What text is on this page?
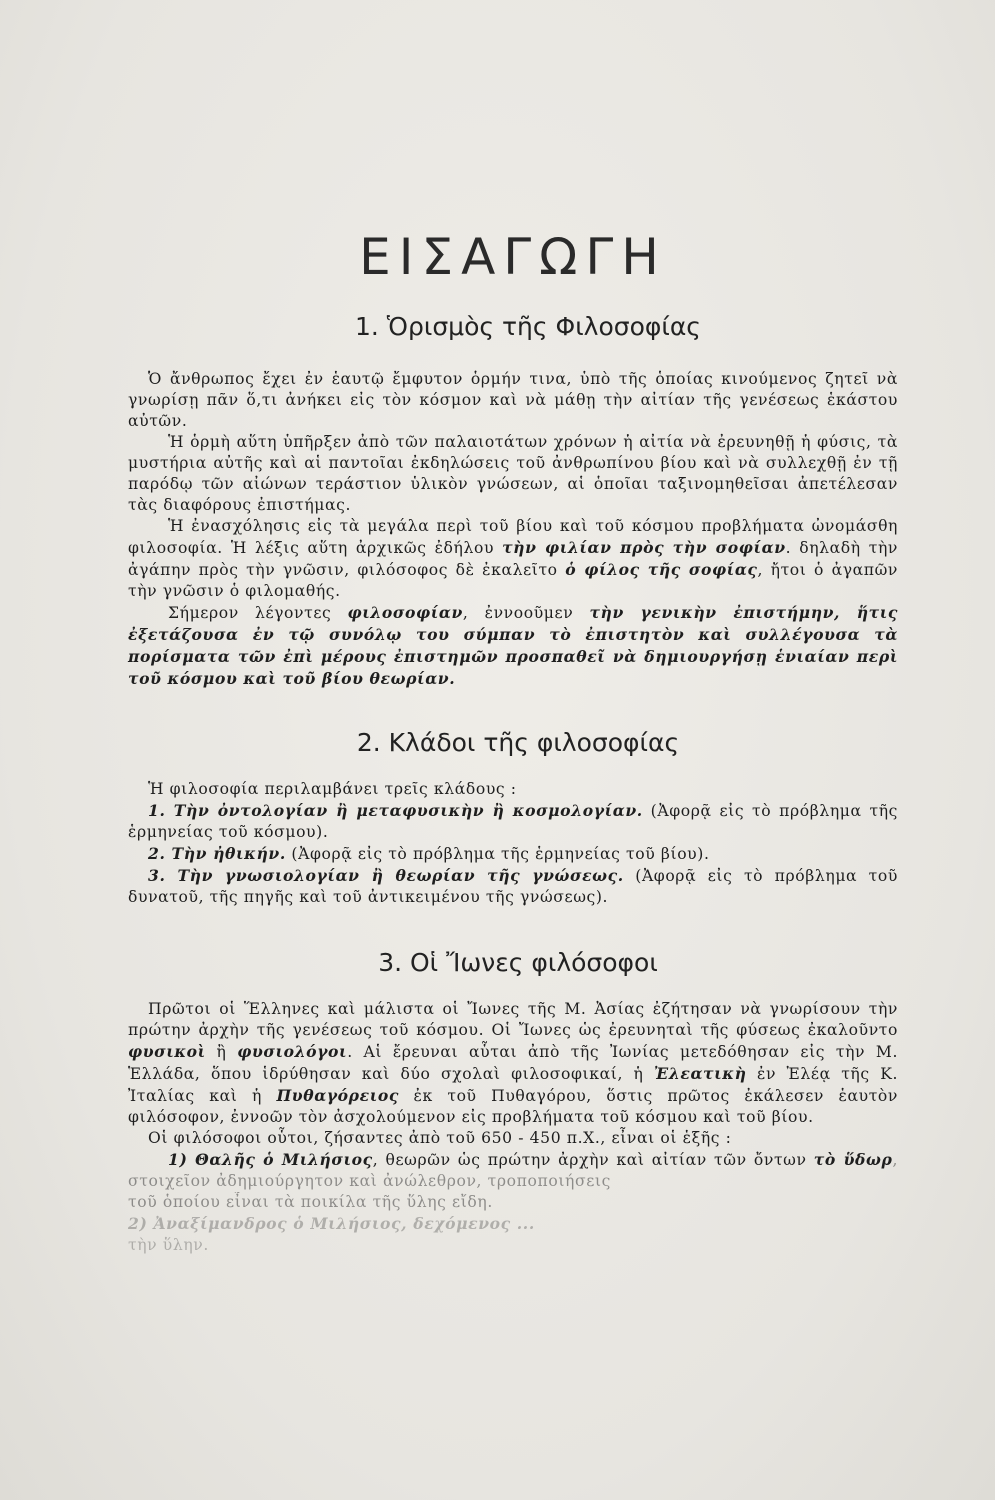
ΕΙΣΑΓΩΓΗ
1. Ὁρισμὸς τῆς Φιλοσοφίας

Ὁ ἄνθρωπος ἔχει ἐν ἑαυτῷ ἔμφυτον ὁρμήν τινα, ὑπὸ τῆς ὁποίας κινούμενος ζητεῖ νὰ γνωρίσῃ πᾶν ὅ,τι ἀνήκει εἰς τὸν κόσμον καὶ νὰ μάθῃ τὴν αἰτίαν τῆς γενέσεως ἑκάστου αὐτῶν.

Ἡ ὁρμὴ αὕτη ὑπῆρξεν ἀπὸ τῶν παλαιοτάτων χρόνων ἡ αἰτία νὰ ἐρευνηθῇ ἡ φύσις, τὰ μυστήρια αὐτῆς καὶ αἱ παντοῖαι ἐκδηλώσεις τοῦ ἀνθρωπίνου βίου καὶ νὰ συλλεχθῇ ἐν τῇ παρόδῳ τῶν αἰώνων τεράστιον ὑλικὸν γνώσεων, αἱ ὁποῖαι ταξινομηθεῖσαι ἀπετέλεσαν τὰς διαφόρους ἐπιστήμας.

Ἡ ἐνασχόλησις εἰς τὰ μεγάλα περὶ τοῦ βίου καὶ τοῦ κόσμου προβλήματα ὠνομάσθη φιλοσοφία. Ἡ λέξις αὕτη ἀρχικῶς ἐδήλου τὴν φιλίαν πρὸς τὴν σοφίαν. δηλαδὴ τὴν ἀγάπην πρὸς τὴν γνῶσιν, φιλόσοφος δὲ ἐκαλεῖτο ὁ φίλος τῆς σοφίας, ἤτοι ὁ ἀγαπῶν τὴν γνῶσιν ὁ φιλομαθής.

Σήμερον λέγοντες φιλοσοφίαν, ἐννοοῦμεν τὴν γενικὴν ἐπιστήμην, ἥτις ἐξετάζουσα ἐν τῷ συνόλῳ του σύμπαν τὸ ἐπιστητὸν καὶ συλλέγουσα τὰ πορίσματα τῶν ἐπὶ μέρους ἐπιστημῶν προσπαθεῖ νὰ δημιουργήσῃ ἑνιαίαν περὶ τοῦ κόσμου καὶ τοῦ βίου θεωρίαν.

2. Κλάδοι τῆς φιλοσοφίας

Ἡ φιλοσοφία περιλαμβάνει τρεῖς κλάδους :

1. Τὴν ὀντολογίαν ἢ μεταφυσικὴν ἢ κοσμολογίαν. (Ἀφορᾷ εἰς τὸ πρόβλημα τῆς ἑρμηνείας τοῦ κόσμου).

2. Τὴν ἠθικήν. (Ἀφορᾷ εἰς τὸ πρόβλημα τῆς ἑρμηνείας τοῦ βίου).

3. Τὴν γνωσιολογίαν ἢ θεωρίαν τῆς γνώσεως. (Ἀφορᾷ εἰς τὸ πρόβλημα τοῦ δυνατοῦ, τῆς πηγῆς καὶ τοῦ ἀντικειμένου τῆς γνώσεως).

3. Οἱ Ἴωνες φιλόσοφοι

Πρῶτοι οἱ Ἕλληνες καὶ μάλιστα οἱ Ἴωνες τῆς Μ. Ἀσίας ἐζήτησαν νὰ γνωρίσουν τὴν πρώτην ἀρχὴν τῆς γενέσεως τοῦ κόσμου. Οἱ Ἴωνες ὡς ἐρευνηταὶ τῆς φύσεως ἐκαλοῦντο φυσικοὶ ἢ φυσιολόγοι. Αἱ ἔρευναι αὗται ἀπὸ τῆς Ἰωνίας μετεδόθησαν εἰς τὴν Μ. Ἑλλάδα, ὅπου ἱδρύθησαν καὶ δύο σχολαὶ φιλοσοφικαί, ἡ Ἐλεατικὴ ἐν Ἐλέᾳ τῆς Κ. Ἰταλίας καὶ ἡ Πυθαγόρειος ἐκ τοῦ Πυθαγόρου, ὅστις πρῶτος ἐκάλεσεν ἑαυτὸν φιλόσοφον, ἐννοῶν τὸν ἀσχολούμενον εἰς προβλήματα τοῦ κόσμου καὶ τοῦ βίου.

Οἱ φιλόσοφοι οὗτοι, ζήσαντες ἀπὸ τοῦ 650 - 450 π.Χ., εἶναι οἱ ἑξῆς :

1) Θαλῆς ὁ Μιλήσιος, θεωρῶν ὡς πρώτην ἀρχὴν καὶ αἰτίαν τῶν ὄντων τὸ ὕδωρ, στοιχεῖον ἀδημιούργητον καὶ ἀνώλεθρον, τροποποιήσεις

τοῦ ὁποίου εἶναι τὰ ποικίλα τῆς ὕλης εἴδη.

2) Ἀναξίμανδρος ὁ Μιλήσιος, δεχόμενος ...

τὴν ὕλην.
